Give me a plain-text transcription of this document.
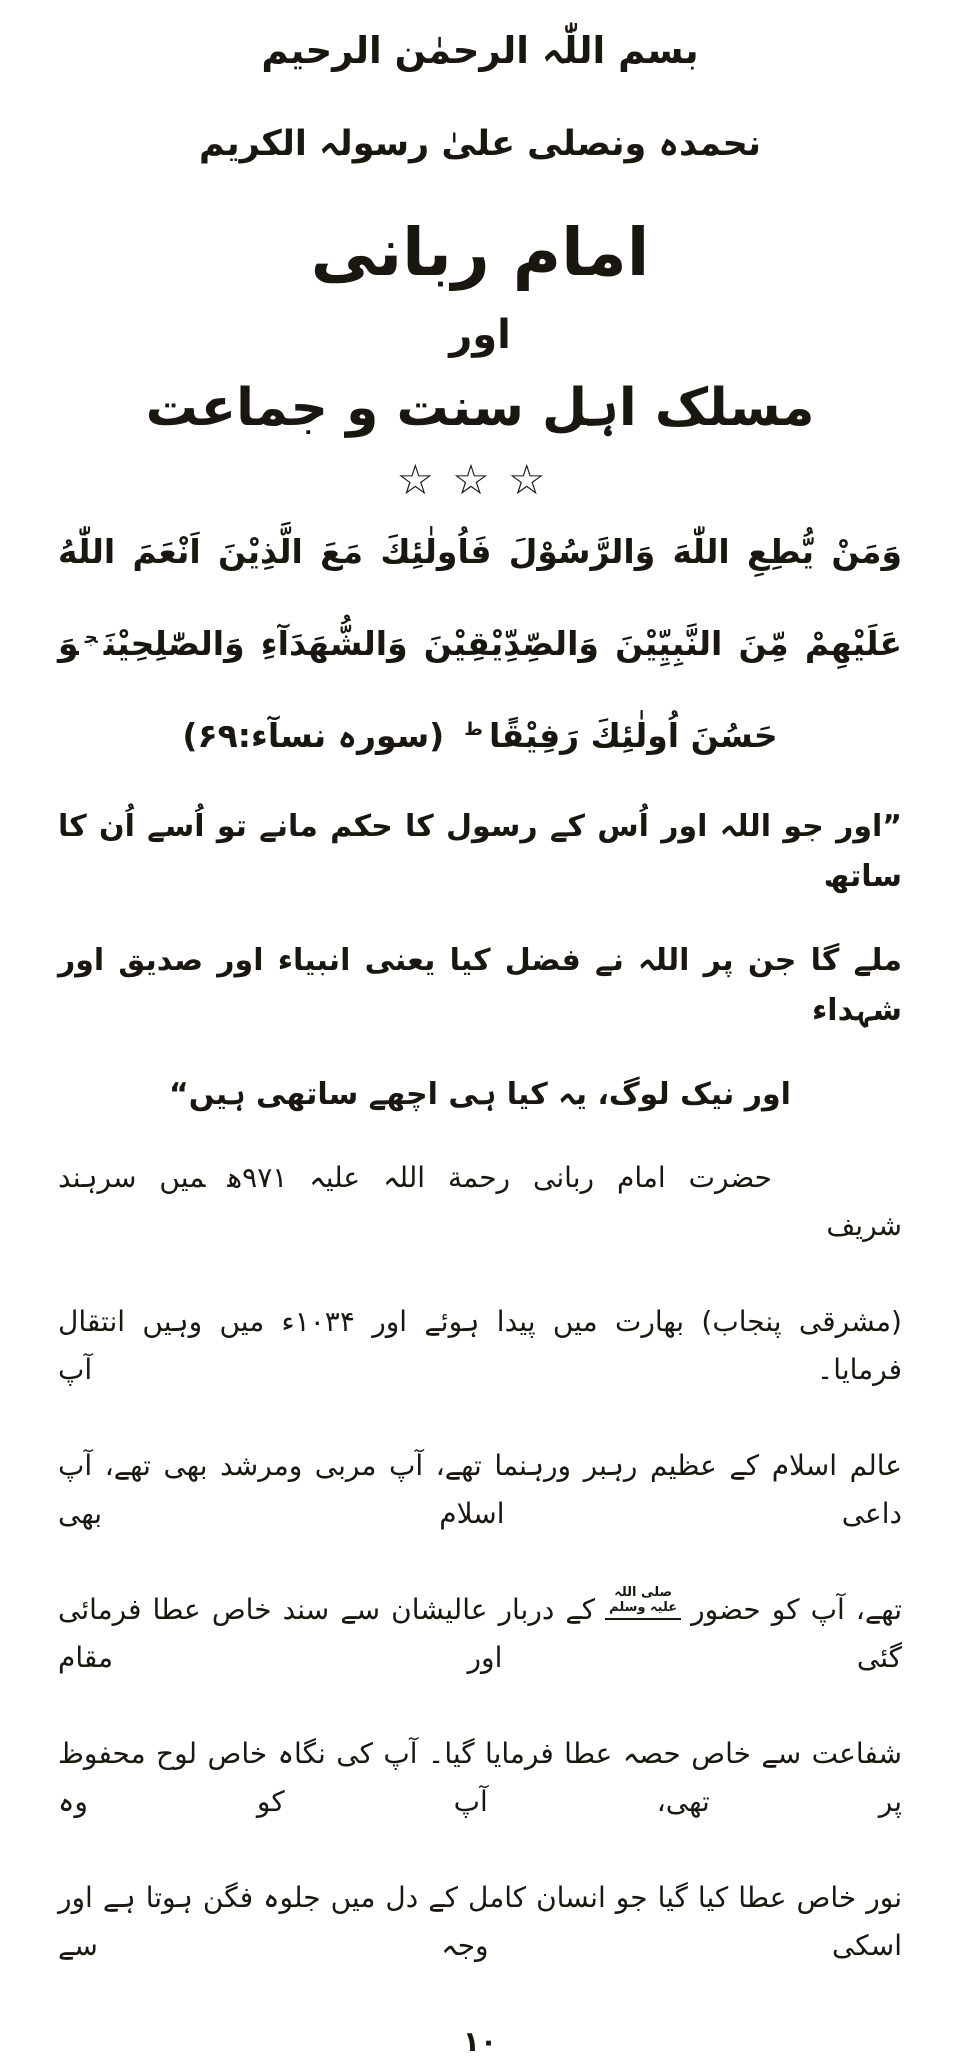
بسم اللّٰہ الرحمٰن الرحیم
نحمدہ ونصلی علیٰ رسولہ الکریم
امام ربانی
اور
مسلک اہل سنت و جماعت
☆☆☆
وَمَنْ يُّطِعِ اللّٰهَ وَالرَّسُوْلَ فَاُولٰئِكَ مَعَ الَّذِيْنَ اَنْعَمَ اللّٰهُ
عَلَيْهِمْ مِّنَ النَّبِيِّيْنَ وَالصِّدِّيْقِيْنَ وَالشُّهَدَآءِ وَالصّٰلِحِيْنَ$^ج$وَ
حَسُنَ اُولٰئِكَ رَفِيْقًا$^ط$(سورہ نسآء:۶۹)
”اور جو اللہ اور اُس کے رسول کا حکم مانے تو اُسے اُن کا ساتھ
ملے گا جن پر اللہ نے فضل کیا یعنی انبیاء اور صدیق اور شہداء
اور نیک لوگ، یہ کیا ہی اچھے ساتھی ہیں“
حضرت امام ربانی رحمة اللہ علیہ۹۷۱ھمیں سرہند شریف
(مشرقی پنجاب) بھارت میں پیدا ہوئے اور ۱۰۳۴ء میں وہیں انتقال فرمایا۔ آپ
عالم اسلام کے عظیم رہبر ورہنما تھے، آپ مربی ومرشد بھی تھے، آپ داعی اسلام بھی
تھے، آپ کو حضور
صلی اللہ
علیہ وسلم
کے دربار عالیشان سے سند خاص عطا فرمائی گئی اور مقام
شفاعت سے خاص حصہ عطا فرمایا گیا۔ آپ کی نگاہ خاص لوح محفوظ پر تھی، آپ کو وہ
نور خاص عطا کیا گیا جو انسان کامل کے دل میں جلوہ فگن ہوتا ہے اور اسکی وجہ سے
۱۰
